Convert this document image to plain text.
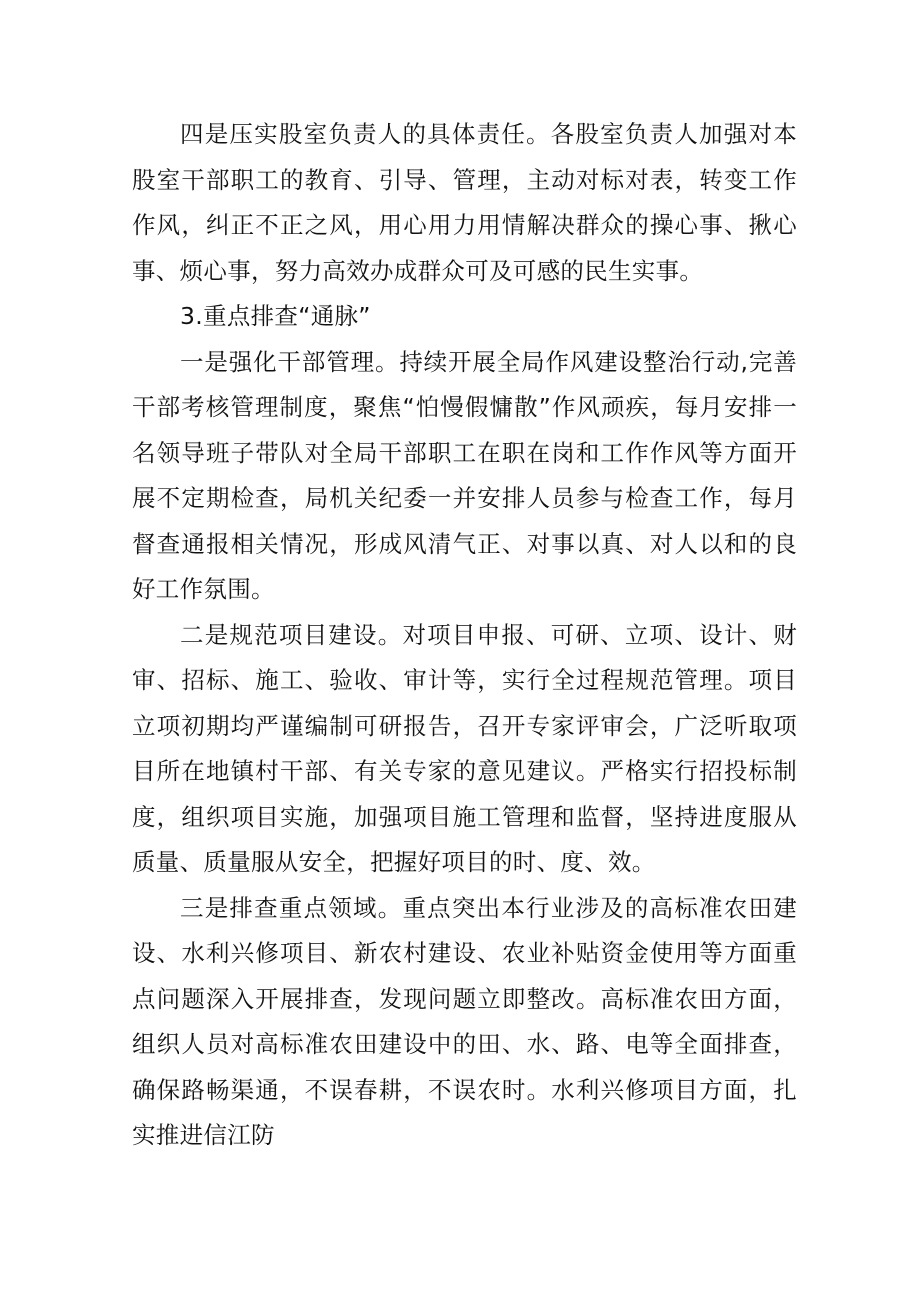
四是压实股室负责人的具体责任。各股室负责人加强对本股室干部职工的教育、引导、管理，主动对标对表，转变工作作风，纠正不正之风，用心用力用情解决群众的操心事、揪心事、烦心事，努力高效办成群众可及可感的民生实事。

3.重点排查“通脉”

一是强化干部管理。持续开展全局作风建设整治行动,完善干部考核管理制度，聚焦“怕慢假慵散”作风顽疾，每月安排一名领导班子带队对全局干部职工在职在岗和工作作风等方面开展不定期检查，局机关纪委一并安排人员参与检查工作，每月督查通报相关情况，形成风清气正、对事以真、对人以和的良好工作氛围。

二是规范项目建设。对项目申报、可研、立项、设计、财审、招标、施工、验收、审计等，实行全过程规范管理。项目立项初期均严谨编制可研报告，召开专家评审会，广泛听取项目所在地镇村干部、有关专家的意见建议。严格实行招投标制度，组织项目实施，加强项目施工管理和监督，坚持进度服从质量、质量服从安全，把握好项目的时、度、效。

三是排查重点领域。重点突出本行业涉及的高标准农田建设、水利兴修项目、新农村建设、农业补贴资金使用等方面重点问题深入开展排查，发现问题立即整改。高标准农田方面，组织人员对高标准农田建设中的田、水、路、电等全面排查，确保路畅渠通，不误春耕，不误农时。水利兴修项目方面，扎实推进信江防
